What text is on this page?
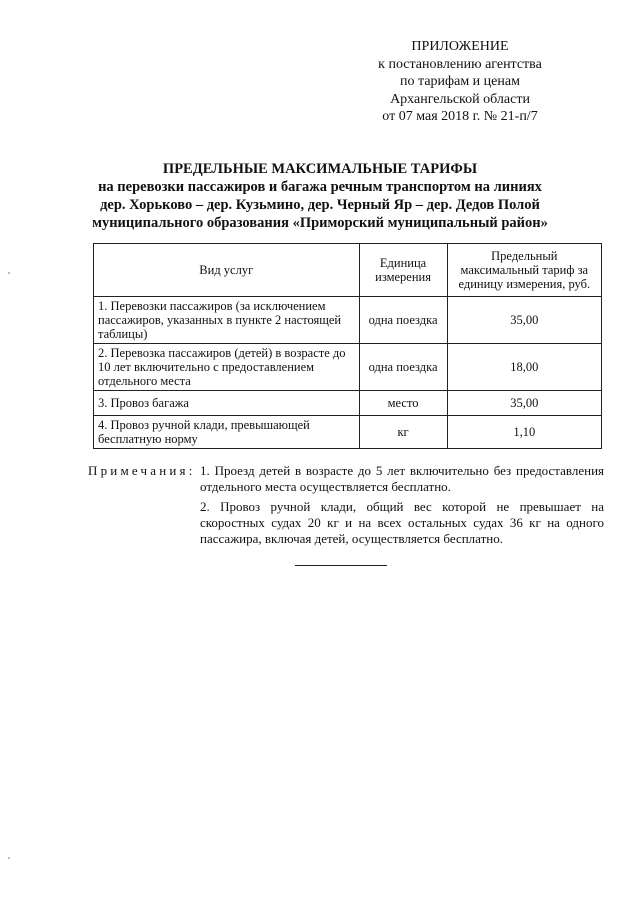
ПРИЛОЖЕНИЕ
к постановлению агентства
по тарифам и ценам
Архангельской области
от 07 мая 2018 г. № 21-п/7
ПРЕДЕЛЬНЫЕ МАКСИМАЛЬНЫЕ ТАРИФЫ
на перевозки пассажиров и багажа речным транспортом на линиях
дер. Хорьково – дер. Кузьмино, дер. Черный Яр – дер. Дедов Полой
муниципального образования «Приморский муниципальный район»
Вид услуг	Единица измерения	Предельный максимальный тариф за единицу измерения, руб.
1. Перевозки пассажиров (за исключением пассажиров, указанных в пункте 2 настоящей таблицы)	одна поездка	35,00
2. Перевозка пассажиров (детей) в возрасте до 10 лет включительно с предоставлением отдельного места	одна поездка	18,00
3. Провоз багажа	место	35,00
4. Провоз ручной клади, превышающей бесплатную норму	кг	1,10
Примечания: 1. Проезд детей в возрасте до 5 лет включительно без предоставления отдельного места осуществляется бесплатно.

2. Провоз ручной клади, общий вес которой не превышает на скоростных судах 20 кг и на всех остальных судах 36 кг на одного пассажира, включая детей, осуществляется бесплатно.
